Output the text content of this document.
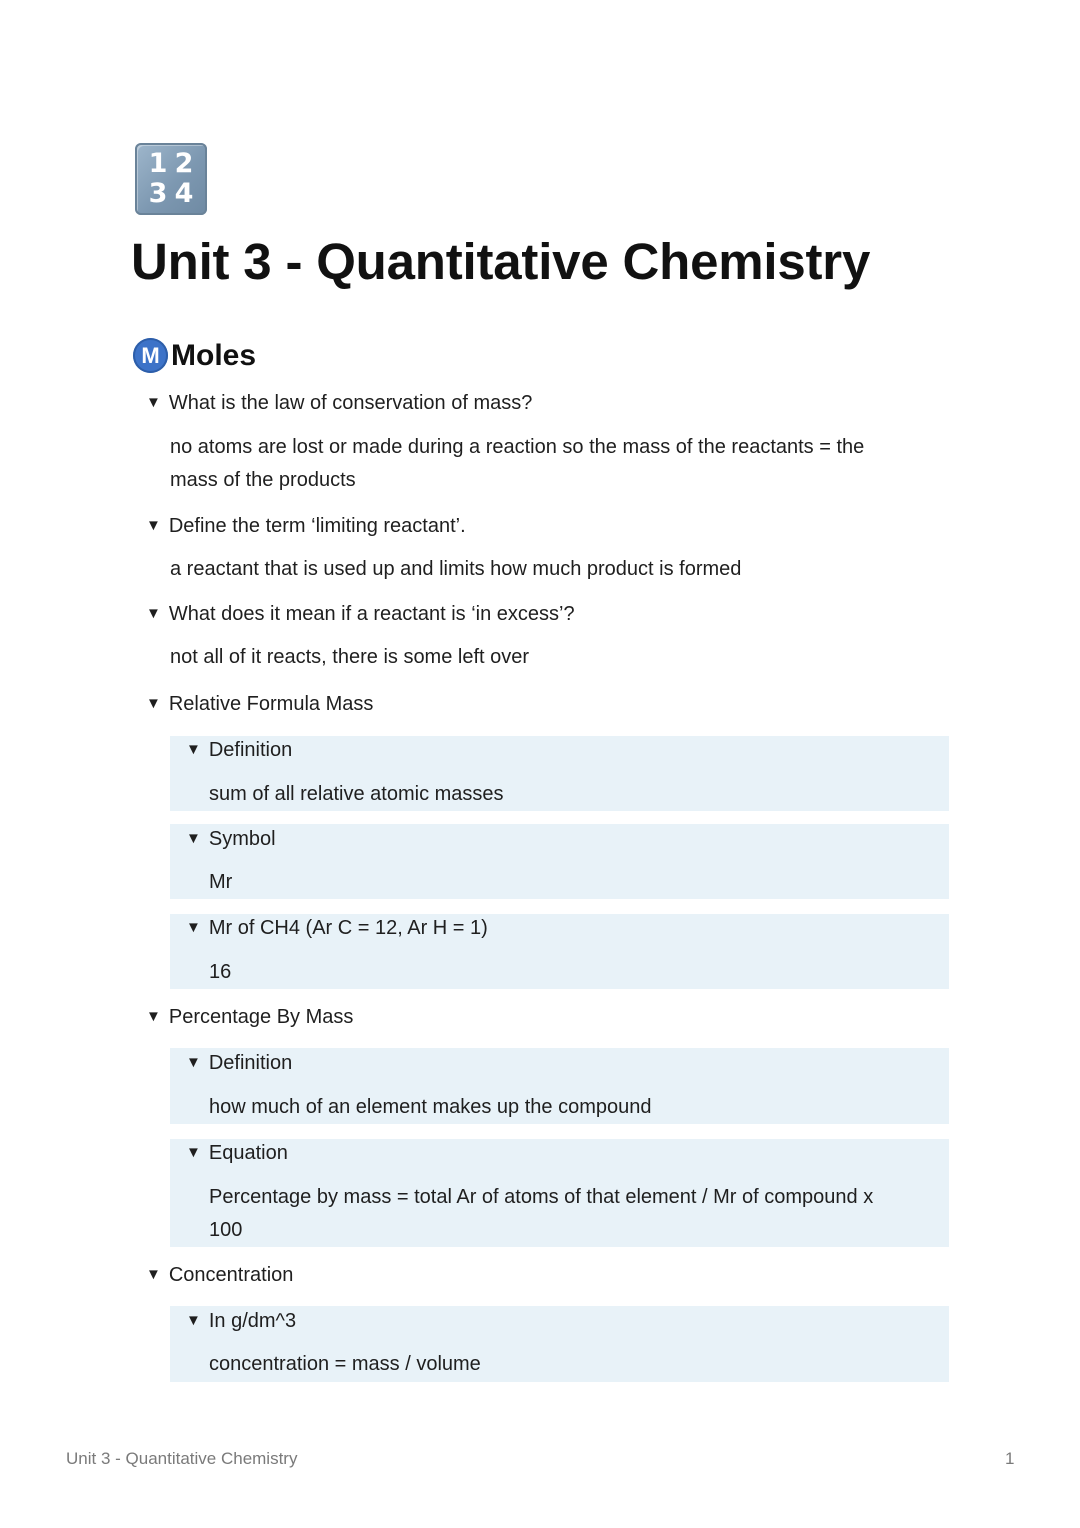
1 2
3 4
Unit 3 - Quantitative Chemistry
M Moles
▼ What is the law of conservation of mass?
no atoms are lost or made during a reaction so the mass of the reactants = the
mass of the products
▼ Define the term ‘limiting reactant’.
a reactant that is used up and limits how much product is formed
▼ What does it mean if a reactant is ‘in excess’?
not all of it reacts, there is some left over
▼ Relative Formula Mass
▼ Definition
sum of all relative atomic masses
▼ Symbol
Mr
▼ Mr of CH4 (Ar C = 12, Ar H = 1)
16
▼ Percentage By Mass
▼ Definition
how much of an element makes up the compound
▼ Equation
Percentage by mass = total Ar of atoms of that element / Mr of compound x
100
▼ Concentration
▼ In g/dm^3
concentration = mass / volume
Unit 3 - Quantitative Chemistry	1
